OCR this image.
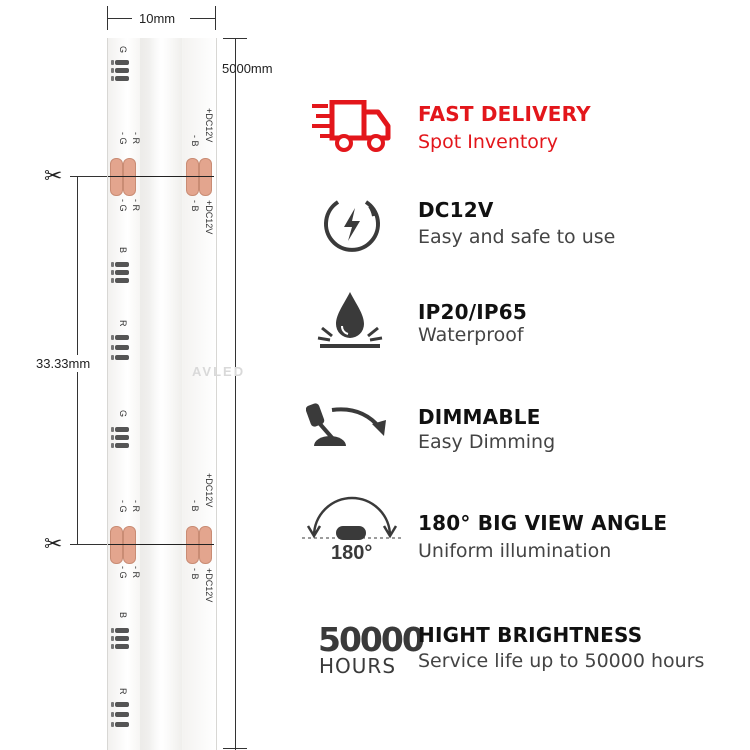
10mm
5000mm
33.33mm
✂
✂
AVLED
G
- R
- G
- G - R
B
R
G
- R
- G
- G - R
B
R
+DC12V
- B
- B +DC12V
+DC12V
- B
- B +DC12V
FAST DELIVERY
Spot Inventory
DC12V
Easy and safe to use
IP20/IP65
Waterproof
DIMMABLE
Easy Dimming
180°
180° BIG VIEW ANGLE
Uniform illumination
50000
HOURS
HIGHT BRIGHTNESS
Service life up to 50000 hours
